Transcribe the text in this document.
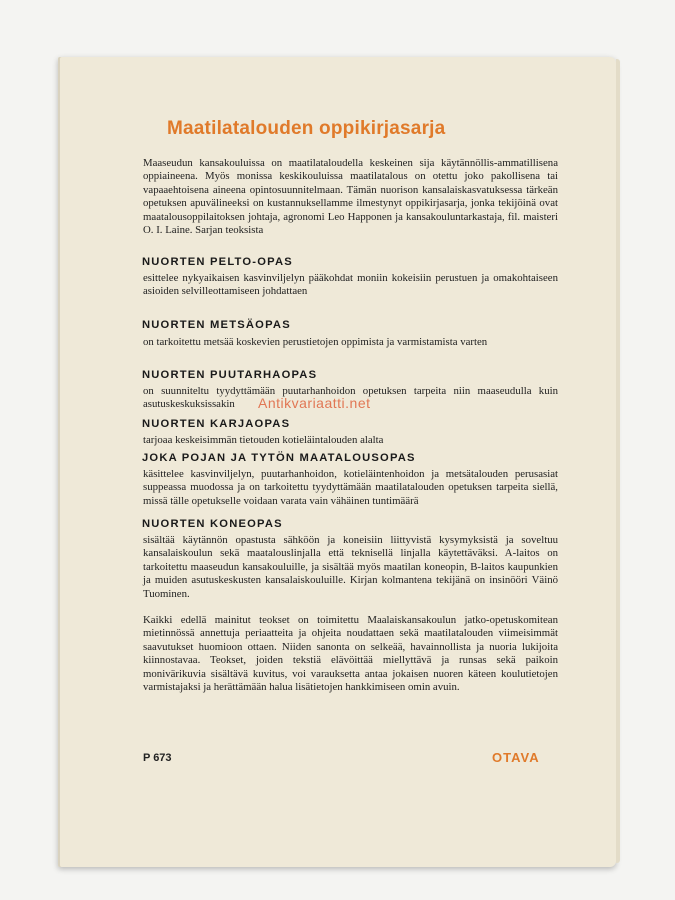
Maatilatalouden oppikirjasarja
Maaseudun kansakouluissa on maatilataloudella keskeinen sija käytännöllis-ammatillisena oppiaineena. Myös monissa keskikouluissa maatilatalous on otettu joko pakollisena tai vapaaehtoisena aineena opintosuunnitelmaan. Tämän nuorison kansalaiskasvatuksessa tärkeän opetuksen apuvälineeksi on kustannuksellamme ilmestynyt oppikirjasarja, jonka tekijöinä ovat maatalousoppilaitoksen johtaja, agronomi Leo Happonen ja kansakouluntarkastaja, fil. maisteri O. I. Laine. Sarjan teoksista
NUORTEN PELTO-OPAS
esittelee nykyaikaisen kasvinviljelyn pääkohdat moniin kokeisiin perustuen ja omakohtaiseen asioiden selvilleottamiseen johdattaen
NUORTEN METSÄOPAS
on tarkoitettu metsää koskevien perustietojen oppimista ja varmistamista varten
NUORTEN PUUTARHAOPAS
on suunniteltu tyydyttämään puutarhanhoidon opetuksen tarpeita niin maaseudulla kuin asutuskeskuksissakin
NUORTEN KARJAOPAS
tarjoaa keskeisimmän tietouden kotieläintalouden alalta
JOKA POJAN JA TYTÖN MAATALOUSOPAS
käsittelee kasvinviljelyn, puutarhanhoidon, kotieläintenhoidon ja metsätalouden perusasiat suppeassa muodossa ja on tarkoitettu tyydyttämään maatilatalouden opetuksen tarpeita siellä, missä tälle opetukselle voidaan varata vain vähäinen tuntimäärä
NUORTEN KONEOPAS
sisältää käytännön opastusta sähköön ja koneisiin liittyvistä kysymyksistä ja soveltuu kansalaiskoulun sekä maatalouslinjalla että teknisellä linjalla käytettäväksi. A-laitos on tarkoitettu maaseudun kansakouluille, ja sisältää myös maatilan koneopin, B-laitos kaupunkien ja muiden asutuskeskusten kansalaiskouluille. Kirjan kolmantena tekijänä on insinööri Väinö Tuominen.
Kaikki edellä mainitut teokset on toimitettu Maalaiskansakoulun jatko-opetuskomitean mietinnössä annettuja periaatteita ja ohjeita noudattaen sekä maatilatalouden viimeisimmät saavutukset huomioon ottaen. Niiden sanonta on selkeää, havainnollista ja nuoria lukijoita kiinnostavaa. Teokset, joiden tekstiä elävöittää miellyttävä ja runsas sekä paikoin monivärikuvia sisältävä kuvitus, voi varauksetta antaa jokaisen nuoren käteen koulutietojen varmistajaksi ja herättämään halua lisätietojen hankkimiseen omin avuin.
P 673	OTAVA
Antikvariaatti.net
